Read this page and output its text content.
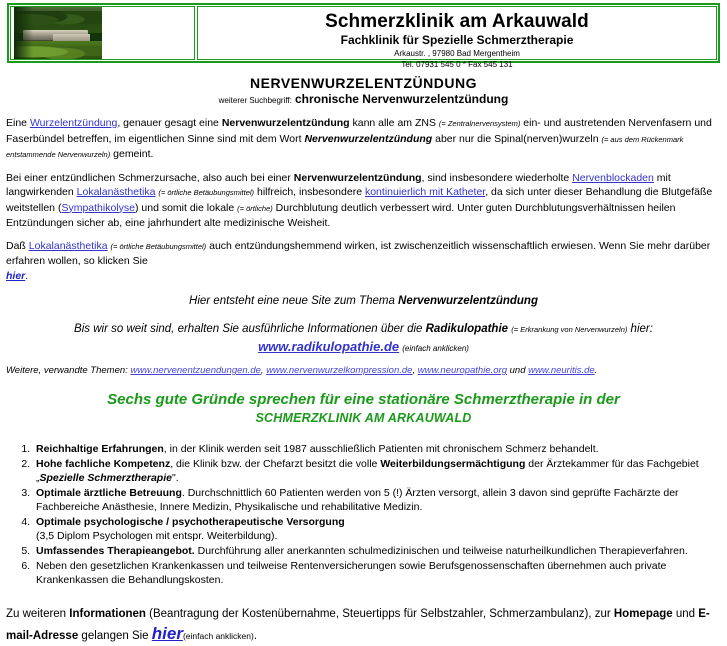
Schmerzklinik am Arkauwald
Fachklinik für Spezielle Schmerztherapie
Arkaustr. , 97980 Bad Mergentheim
Tel. 07931 545 0 * Fax 545 131
NERVENWURZELENTZÜNDUNG
weiterer Suchbegriff: chronische Nervenwurzelentzündung

Eine Wurzelentzündung, genauer gesagt eine Nervenwurzelentzündung kann alle am ZNS (= Zentralnervensystem) ein- und austretenden Nervenfasern und Faserbündel betreffen, im eigentlichen Sinne sind mit dem Wort Nervenwurzelentzündung aber nur die Spinal(nerven)wurzeln (= aus dem Rückenmark entstammende Nervenwurzeln) gemeint.

Bei einer entzündlichen Schmerzursache, also auch bei einer Nervenwurzelentzündung, sind insbesondere wiederholte Nervenblockaden mit langwirkenden Lokalanästhetika (= örtliche Betäubungsmittel) hilfreich, insbesondere kontinuierlich mit Katheter, da sich unter dieser Behandlung die Blutgefäße weitstellen (Sympathikolyse) und somit die lokale (= örtliche) Durchblutung deutlich verbessert wird. Unter guten Durchblutungsverhältnissen heilen Entzündungen sicher ab, eine jahrhundert alte medizinische Weisheit.

Daß Lokalanästhetika (= örtliche Betäubungsmittel) auch entzündungshemmend wirken, ist zwischenzeitlich wissenschaftlich erwiesen. Wenn Sie mehr darüber erfahren wollen, so klicken Sie
hier.

Hier entsteht eine neue Site zum Thema Nervenwurzelentzündung
Bis wir so weit sind, erhalten Sie ausführliche Informationen über die Radikulopathie (= Erkrankung von Nervenwurzeln) hier:
www.radikulopathie.de (einfach anklicken)
Weitere, verwandte Themen: www.nervenentzuendungen.de, www.nervenwurzelkompression.de, www.neuropathie.org und www.neuritis.de.
Sechs gute Gründe sprechen für eine stationäre Schmerztherapie in der
SCHMERZKLINIK AM ARKAUWALD
1. Reichhaltige Erfahrungen, in der Klinik werden seit 1987 ausschließlich Patienten mit chronischem Schmerz behandelt.
2. Hohe fachliche Kompetenz, die Klinik bzw. der Chefarzt besitzt die volle Weiterbildungsermächtigung der Ärztekammer für das Fachgebiet „Spezielle Schmerztherapie".
3. Optimale ärztliche Betreuung. Durchschnittlich 60 Patienten werden von 5 (!) Ärzten versorgt, allein 3 davon sind geprüfte Fachärzte der Fachbereiche Anästhesie, Innere Medizin, Physikalische und rehabilitative Medizin.
4. Optimale psychologische / psychotherapeutische Versorgung
(3,5 Diplom Psychologen mit entspr. Weiterbildung).
5. Umfassendes Therapieangebot. Durchführung aller anerkannten schulmedizinischen und teilweise naturheilkundlichen Therapieverfahren.
6. Neben den gesetzlichen Krankenkassen und teilweise Rentenversicherungen sowie Berufsgenossenschaften übernehmen auch private Krankenkassen die Behandlungskosten.

Zu weiteren Informationen (Beantragung der Kostenübernahme, Steuertipps für Selbstzahler, Schmerzambulanz), zur Homepage und E-mail-Adresse gelangen Sie hier(einfach anklicken).
